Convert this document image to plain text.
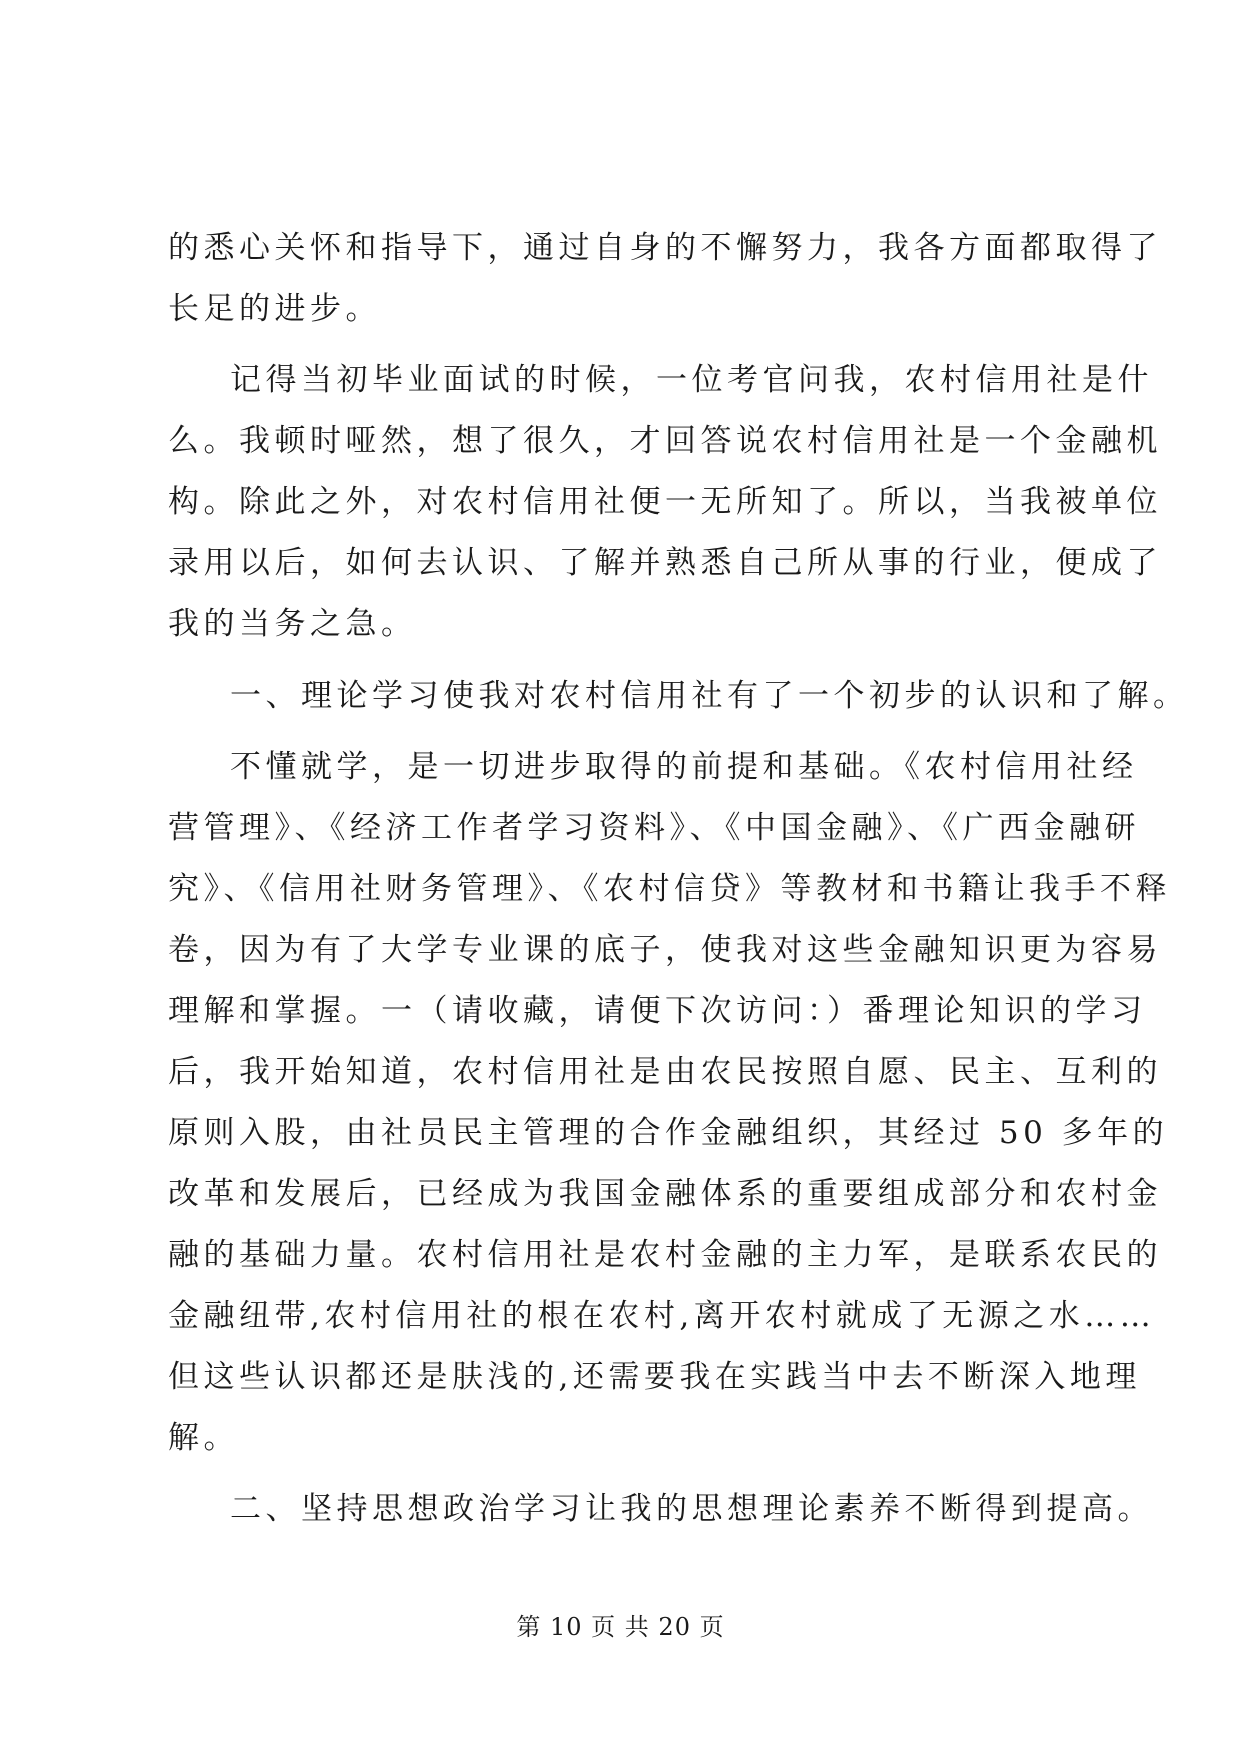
的悉心关怀和指导下，通过自身的不懈努力，我各方面都取得了
长足的进步。
记得当初毕业面试的时候，一位考官问我，农村信用社是什
么。我顿时哑然，想了很久，才回答说农村信用社是一个金融机
构。除此之外，对农村信用社便一无所知了。所以，当我被单位
录用以后，如何去认识、了解并熟悉自己所从事的行业，便成了
我的当务之急。
一、理论学习使我对农村信用社有了一个初步的认识和了解。
不懂就学，是一切进步取得的前提和基础。《农村信用社经
营管理》、《经济工作者学习资料》、《中国金融》、《广西金融研
究》、《信用社财务管理》、《农村信贷》等教材和书籍让我手不释
卷，因为有了大学专业课的底子，使我对这些金融知识更为容易
理解和掌握。一（请收藏，请便下次访问：）番理论知识的学习
后，我开始知道，农村信用社是由农民按照自愿、民主、互利的
原则入股，由社员民主管理的合作金融组织，其经过 50 多年的
改革和发展后，已经成为我国金融体系的重要组成部分和农村金
融的基础力量。农村信用社是农村金融的主力军，是联系农民的
金融纽带,农村信用社的根在农村,离开农村就成了无源之水……
但这些认识都还是肤浅的,还需要我在实践当中去不断深入地理
解。
二、坚持思想政治学习让我的思想理论素养不断得到提高。
第 10 页 共 20 页
